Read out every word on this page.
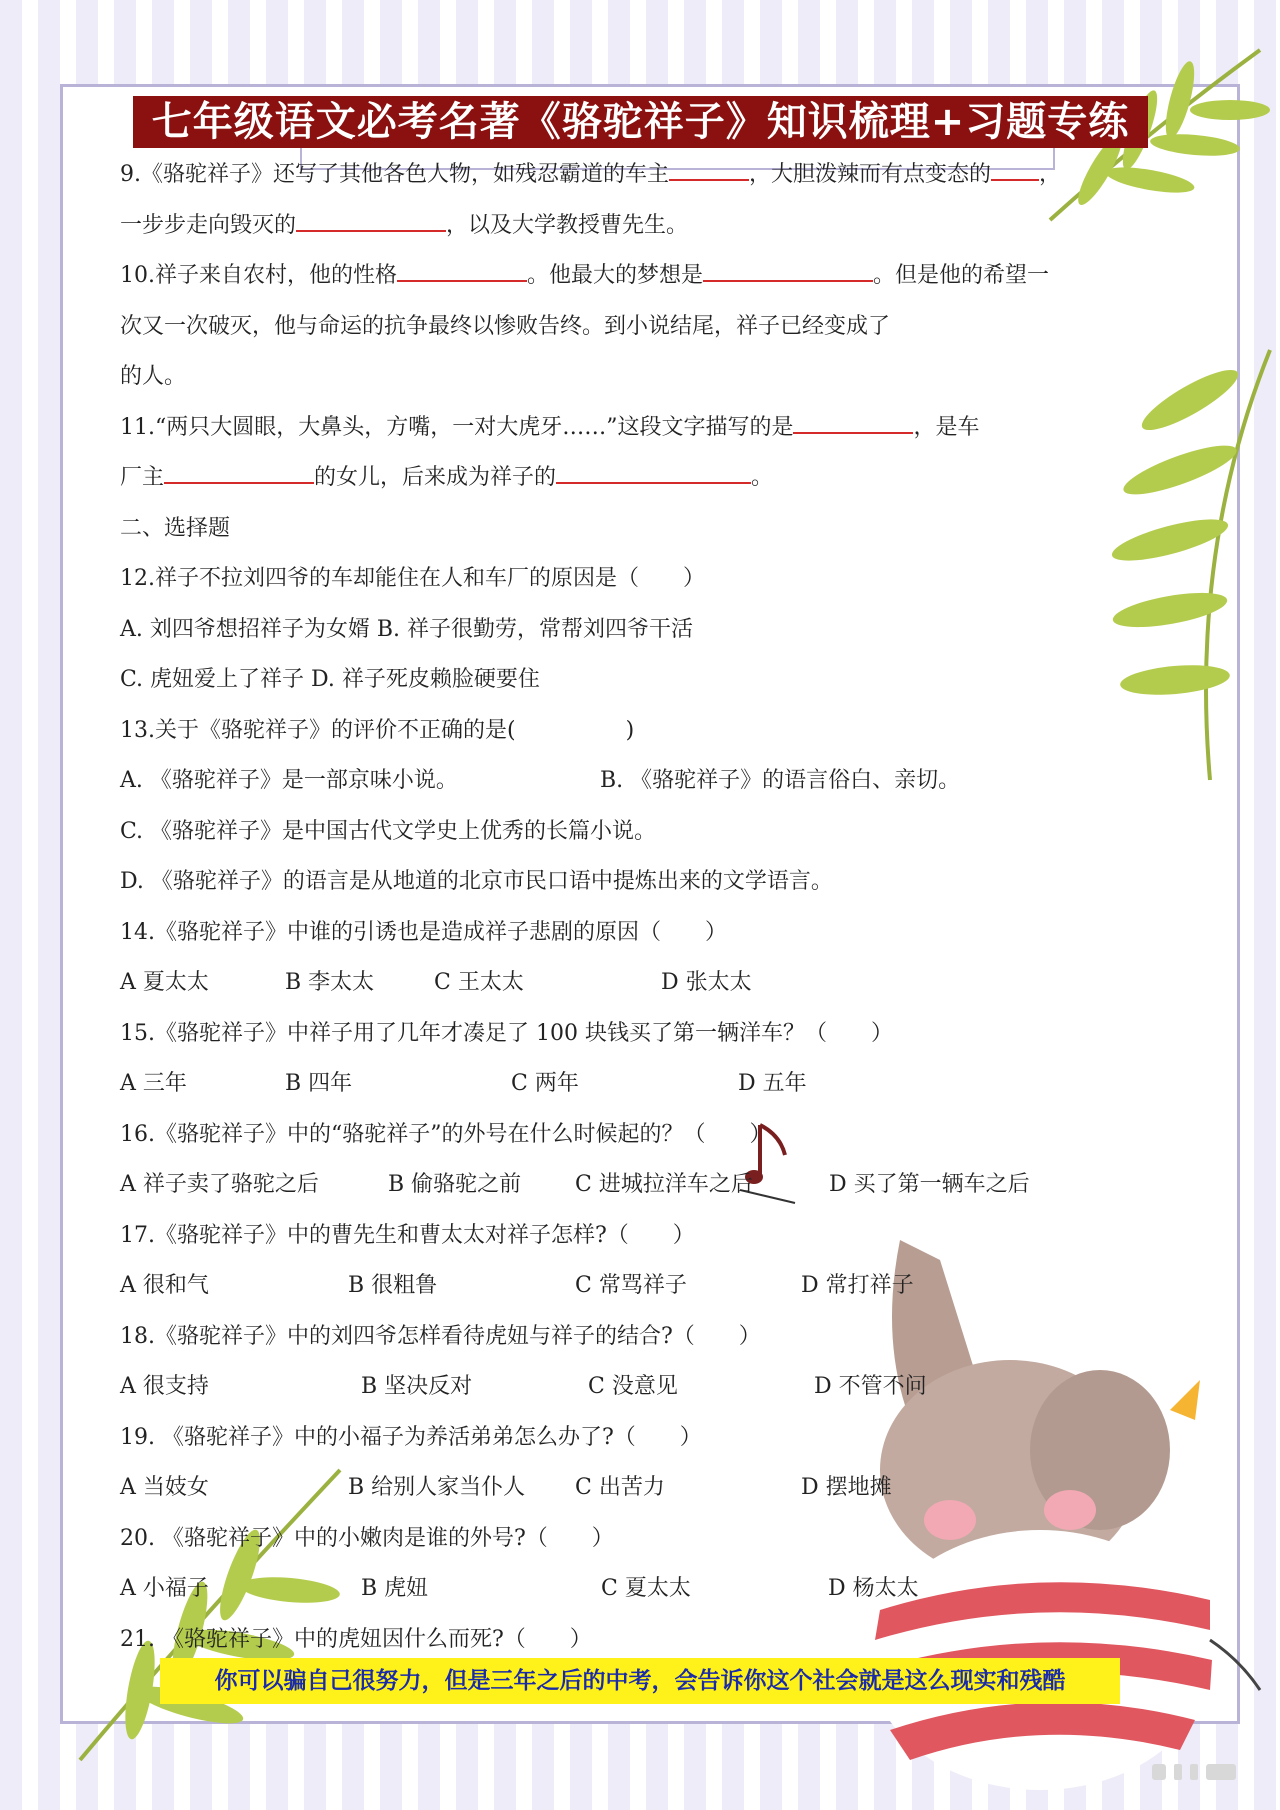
七年级语文必考名著《骆驼祥子》知识梳理+习题专练
9.《骆驼祥子》还写了其他各色人物，如残忍霸道的车主	，大胆泼辣而有点变态的 ，
一步步走向毁灭的	，以及大学教授曹先生。
10.祥子来自农村，他的性格	。他最大的梦想是	。但是他的希望一
次又一次破灭，他与命运的抗争最终以惨败告终。到小说结尾，祥子已经变成了
的人。
11.“两只大圆眼，大鼻头，方嘴，一对大虎牙……”这段文字描写的是	，是车
厂主	的女儿，后来成为祥子的	。
二、选择题
12.祥子不拉刘四爷的车却能住在人和车厂的原因是（　　）
A. 刘四爷想招祥子为女婿 B. 祥子很勤劳，常帮刘四爷干活
C. 虎妞爱上了祥子 D. 祥子死皮赖脸硬要住
13.关于《骆驼祥子》的评价不正确的是(　　　　　)
A. 《骆驼祥子》是一部京味小说。	B. 《骆驼祥子》的语言俗白、亲切。
C. 《骆驼祥子》是中国古代文学史上优秀的长篇小说。
D. 《骆驼祥子》的语言是从地道的北京市民口语中提炼出来的文学语言。
14.《骆驼祥子》中谁的引诱也是造成祥子悲剧的原因（　　）
A 夏太太	B 李太太	C 王太太	D 张太太
15.《骆驼祥子》中祥子用了几年才凑足了 100 块钱买了第一辆洋车？（　　）
A 三年	B 四年	C 两年	D 五年
16.《骆驼祥子》中的“骆驼祥子”的外号在什么时候起的？（　　）
A 祥子卖了骆驼之后	B 偷骆驼之前 C 进城拉洋车之后	D 买了第一辆车之后
17.《骆驼祥子》中的曹先生和曹太太对祥子怎样?（　　）
A 很和气	B 很粗鲁	C 常骂祥子	D 常打祥子
18.《骆驼祥子》中的刘四爷怎样看待虎妞与祥子的结合?（　　）
A 很支持	B 坚决反对	C 没意见	D 不管不问
19. 《骆驼祥子》中的小福子为养活弟弟怎么办了?（　　）
A 当妓女	B 给别人家当仆人 C 出苦力	D 摆地摊
20. 《骆驼祥子》中的小嫩肉是谁的外号?（　　）
A 小福子	B 虎妞	C 夏太太	D 杨太太
21. 《骆驼祥子》中的虎妞因什么而死?（　　）
你可以骗自己很努力，但是三年之后的中考，会告诉你这个社会就是这么现实和残酷
